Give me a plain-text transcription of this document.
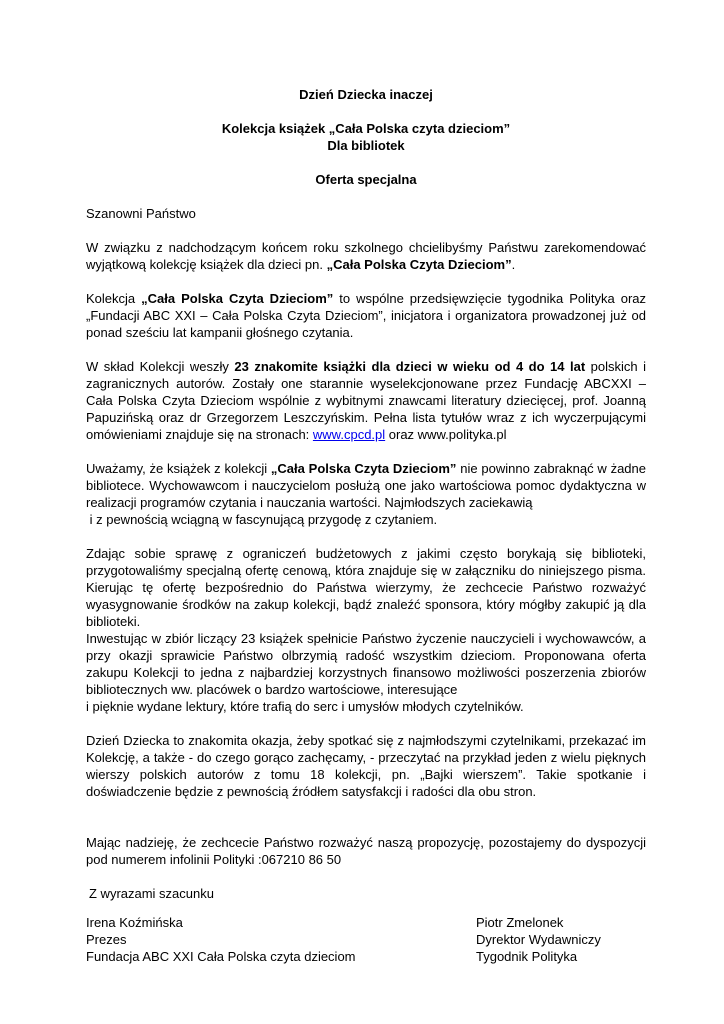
Dzień Dziecka inaczej
Kolekcja książek „Cała Polska czyta dzieciom”
Dla bibliotek
Oferta specjalna

Szanowni Państwo

W związku z nadchodzącym końcem roku szkolnego chcielibyśmy Państwu zarekomendować wyjątkową kolekcję książek dla dzieci pn. „Cała Polska Czyta Dzieciom”.

Kolekcja „Cała Polska Czyta Dzieciom” to wspólne przedsięwzięcie tygodnika Polityka oraz „Fundacji ABC XXI – Cała Polska Czyta Dzieciom”, inicjatora i organizatora prowadzonej już od ponad sześciu lat kampanii głośnego czytania.

W skład Kolekcji weszły 23 znakomite książki dla dzieci w wieku od 4 do 14 lat polskich i zagranicznych autorów. Zostały one starannie wyselekcjonowane przez Fundację ABCXXI – Cała Polska Czyta Dzieciom wspólnie z wybitnymi znawcami literatury dziecięcej, prof. Joanną Papuzińską oraz dr Grzegorzem Leszczyńskim. Pełna lista tytułów wraz z ich wyczerpującymi omówieniami znajduje się na stronach: www.cpcd.pl oraz www.polityka.pl

Uważamy, że książek z kolekcji „Cała Polska Czyta Dzieciom” nie powinno zabraknąć w żadne bibliotece. Wychowawcom i nauczycielom posłużą one jako wartościowa pomoc dydaktyczna w realizacji programów czytania i nauczania wartości. Najmłodszych zaciekawią

i z pewnością wciągną w fascynującą przygodę z czytaniem.

Zdając sobie sprawę z ograniczeń budżetowych z jakimi często borykają się biblioteki, przygotowaliśmy specjalną ofertę cenową, która znajduje się w załączniku do niniejszego pisma. Kierując tę ofertę bezpośrednio do Państwa wierzymy, że zechcecie Państwo rozważyć wyasygnowanie środków na zakup kolekcji, bądź znaleźć sponsora, który mógłby zakupić ją dla biblioteki.

Inwestując w zbiór liczący 23 książek spełnicie Państwo życzenie nauczycieli i wychowawców, a przy okazji sprawicie Państwo olbrzymią radość wszystkim dzieciom. Proponowana oferta zakupu Kolekcji to jedna z najbardziej korzystnych finansowo możliwości poszerzenia zbiorów bibliotecznych ww. placówek o bardzo wartościowe, interesujące

i pięknie wydane lektury, które trafią do serc i umysłów młodych czytelników.

Dzień Dziecka to znakomita okazja, żeby spotkać się z najmłodszymi czytelnikami, przekazać im Kolekcję, a także - do czego gorąco zachęcamy, - przeczytać na przykład jeden z wielu pięknych wierszy polskich autorów z tomu 18 kolekcji, pn. „Bajki wierszem”. Takie spotkanie i doświadczenie będzie z pewnością źródłem satysfakcji i radości dla obu stron.

Mając nadzieję, że zechcecie Państwo rozważyć naszą propozycję, pozostajemy do dyspozycji pod numerem infolinii Polityki :067210 86 50

Z wyrazami szacunku

Irena Koźmińska
Prezes
Fundacja ABC XXI Cała Polska czyta dzieciom
Piotr Zmelonek
Dyrektor Wydawniczy
Tygodnik Polityka
